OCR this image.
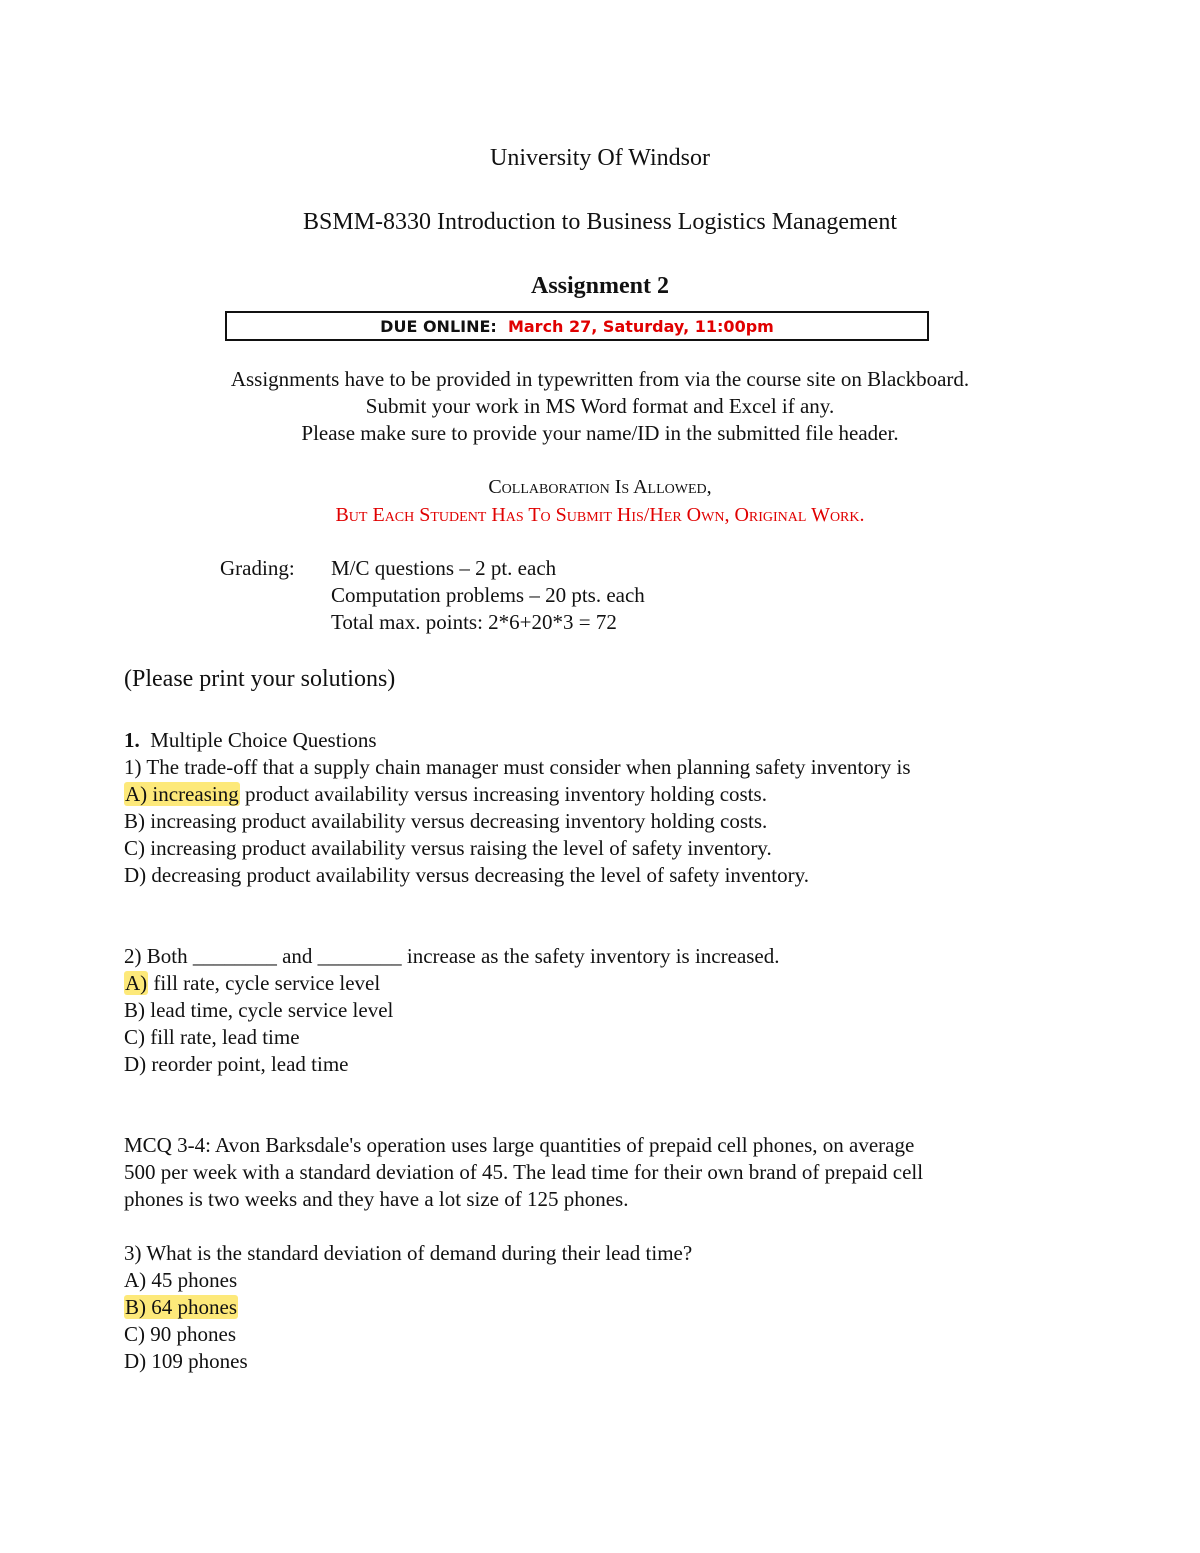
University Of Windsor
BSMM-8330 Introduction to Business Logistics Management
Assignment 2
DUE ONLINE: March 27, Saturday, 11:00pm
Assignments have to be provided in typewritten from via the course site on Blackboard.
Submit your work in MS Word format and Excel if any.
Please make sure to provide your name/ID in the submitted file header.
Collaboration Is Allowed,
But Each Student Has To Submit His/Her Own, Original Work.
Grading: M/C questions – 2 pt. each
Computation problems – 20 pts. each
Total max. points: 2*6+20*3 = 72
(Please print your solutions)
1. Multiple Choice Questions
1) The trade-off that a supply chain manager must consider when planning safety inventory is
A) increasing product availability versus increasing inventory holding costs.
B) increasing product availability versus decreasing inventory holding costs.
C) increasing product availability versus raising the level of safety inventory.
D) decreasing product availability versus decreasing the level of safety inventory.
2) Both ________ and ________ increase as the safety inventory is increased.
A) fill rate, cycle service level
B) lead time, cycle service level
C) fill rate, lead time
D) reorder point, lead time
MCQ 3-4: Avon Barksdale's operation uses large quantities of prepaid cell phones, on average
500 per week with a standard deviation of 45. The lead time for their own brand of prepaid cell
phones is two weeks and they have a lot size of 125 phones.
3) What is the standard deviation of demand during their lead time?
A) 45 phones
B) 64 phones
C) 90 phones
D) 109 phones
